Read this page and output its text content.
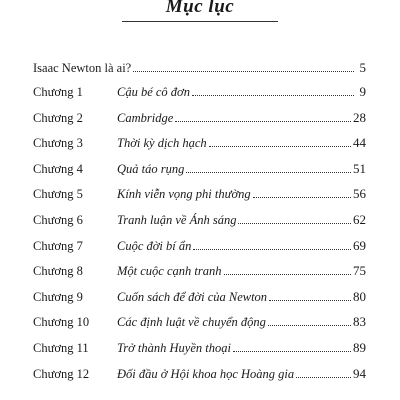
Mục lục
Isaac Newton là ai?	5
Chương 1	Cậu bé cô đơn	9
Chương 2	Cambridge	28
Chương 3	Thời kỳ dịch hạch	44
Chương 4	Quả táo rụng	51
Chương 5	Kính viễn vọng phi thường	56
Chương 6	Tranh luận về Ánh sáng	62
Chương 7	Cuộc đời bí ẩn	69
Chương 8	Một cuộc cạnh tranh	75
Chương 9	Cuốn sách để đời của Newton	80
Chương 10	Các định luật về chuyển động	83
Chương 11	Trở thành Huyền thoại	89
Chương 12	Đối đầu ở Hội khoa học Hoàng gia	94
